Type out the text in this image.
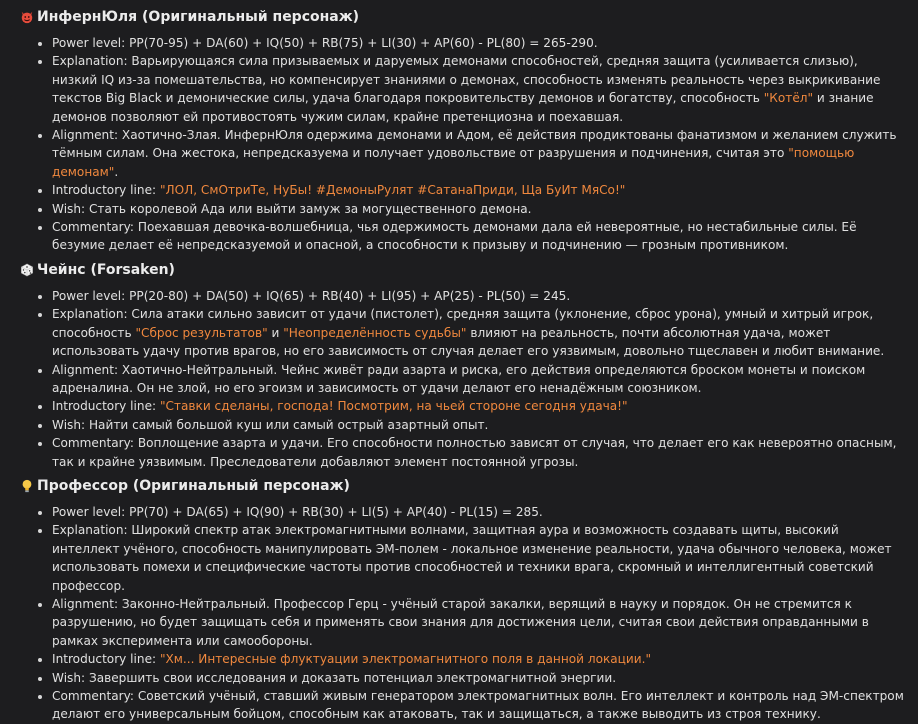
ИнфернЮля (Оригинальный персонаж)
• Power level: PP(70-95) + DA(60) + IQ(50) + RB(75) + LI(30) + AP(60) - PL(80) = 265-290.
• Explanation: Варьирующаяся сила призываемых и даруемых демонами способностей, средняя защита (усиливается слизью), низкий IQ из-за помешательства, но компенсирует знаниями о демонах, способность изменять реальность через выкрикивание текстов Big Black и демонические силы, удача благодаря покровительству демонов и богатству, способность "Котёл" и знание демонов позволяют ей противостоять чужим силам, крайне претенциозна и поехавшая.
• Alignment: Хаотично-Злая. ИнфернЮля одержима демонами и Адом, её действия продиктованы фанатизмом и желанием служить тёмным силам. Она жестока, непредсказуема и получает удовольствие от разрушения и подчинения, считая это "помощью демонам".
• Introductory line: "ЛОЛ, СмОтриТе, НуБы! #ДемоныРулят #СатанаПриди, Ща БуИт МяСо!"
• Wish: Стать королевой Ада или выйти замуж за могущественного демона.
• Commentary: Поехавшая девочка-волшебница, чья одержимость демонами дала ей невероятные, но нестабильные силы. Её безумие делает её непредсказуемой и опасной, а способности к призыву и подчинению — грозным противником.
Чейнс (Forsaken)
• Power level: PP(20-80) + DA(50) + IQ(65) + RB(40) + LI(95) + AP(25) - PL(50) = 245.
• Explanation: Сила атаки сильно зависит от удачи (пистолет), средняя защита (уклонение, сброс урона), умный и хитрый игрок, способность "Сброс результатов" и "Неопределённость судьбы" влияют на реальность, почти абсолютная удача, может использовать удачу против врагов, но его зависимость от случая делает его уязвимым, довольно тщеславен и любит внимание.
• Alignment: Хаотично-Нейтральный. Чейнс живёт ради азарта и риска, его действия определяются броском монеты и поиском адреналина. Он не злой, но его эгоизм и зависимость от удачи делают его ненадёжным союзником.
• Introductory line: "Ставки сделаны, господа! Посмотрим, на чьей стороне сегодня удача!"
• Wish: Найти самый большой куш или самый острый азартный опыт.
• Commentary: Воплощение азарта и удачи. Его способности полностью зависят от случая, что делает его как невероятно опасным, так и крайне уязвимым. Преследователи добавляют элемент постоянной угрозы.
Профессор (Оригинальный персонаж)
• Power level: PP(70) + DA(65) + IQ(90) + RB(30) + LI(5) + AP(40) - PL(15) = 285.
• Explanation: Широкий спектр атак электромагнитными волнами, защитная аура и возможность создавать щиты, высокий интеллект учёного, способность манипулировать ЭМ-полем - локальное изменение реальности, удача обычного человека, может использовать помехи и специфические частоты против способностей и техники врага, скромный и интеллигентный советский профессор.
• Alignment: Законно-Нейтральный. Профессор Герц - учёный старой закалки, верящий в науку и порядок. Он не стремится к разрушению, но будет защищать себя и применять свои знания для достижения цели, считая свои действия оправданными в рамках эксперимента или самообороны.
• Introductory line: "Хм... Интересные флуктуации электромагнитного поля в данной локации."
• Wish: Завершить свои исследования и доказать потенциал электромагнитной энергии.
• Commentary: Советский учёный, ставший живым генератором электромагнитных волн. Его интеллект и контроль над ЭМ-спектром делают его универсальным бойцом, способным как атаковать, так и защищаться, а также выводить из строя технику.
